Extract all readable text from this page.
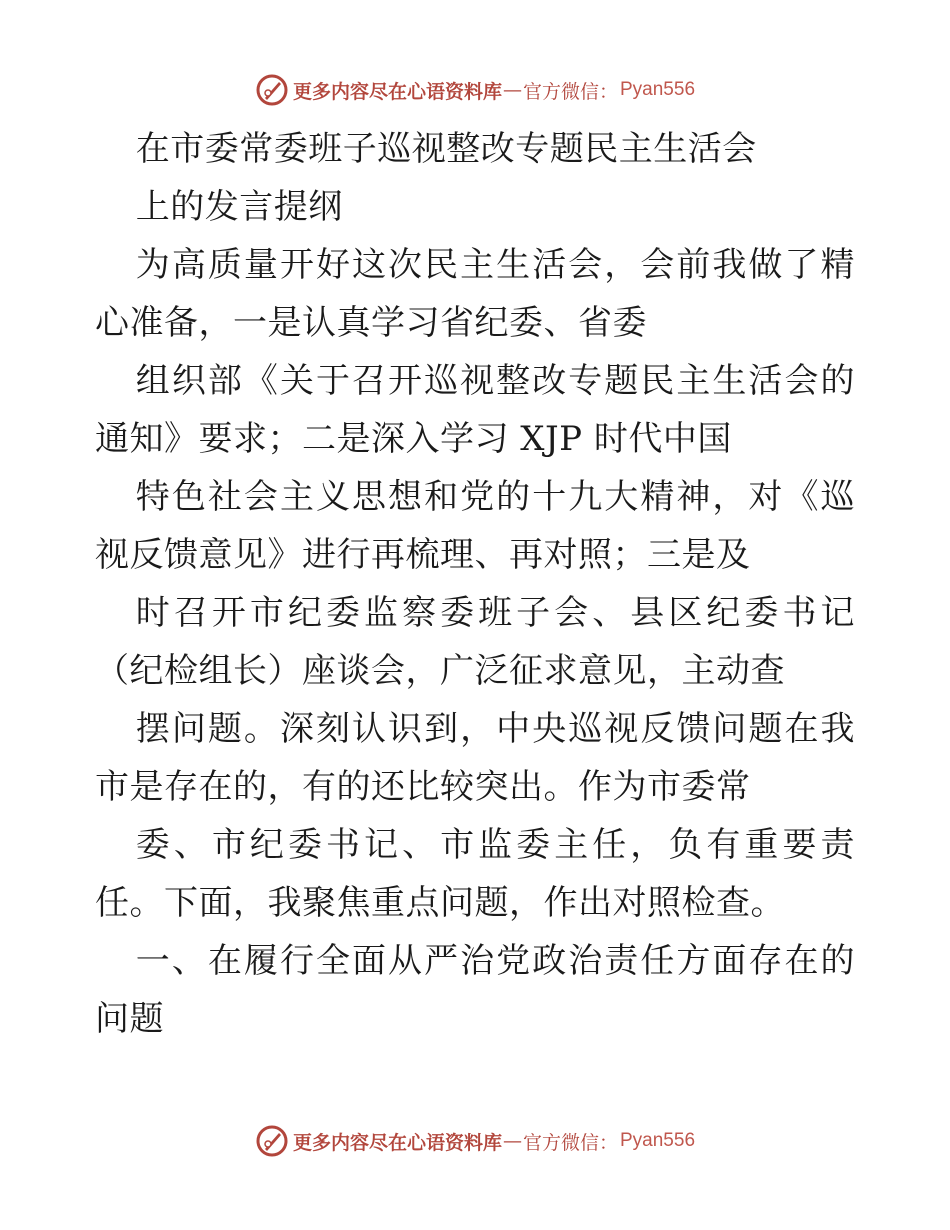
更多内容尽在心语资料库 — 官方微信： Pyan556

在市委常委班子巡视整改专题民主生活会

上的发言提纲

为高质量开好这次民主生活会，会前我做了精心准备，一是认真学习省纪委、省委

组织部《关于召开巡视整改专题民主生活会的通知》要求；二是深入学习 XJP 时代中国

特色社会主义思想和党的十九大精神，对《巡视反馈意见》进行再梳理、再对照；三是及

时召开市纪委监察委班子会、县区纪委书记（纪检组长）座谈会，广泛征求意见，主动查

摆问题。深刻认识到，中央巡视反馈问题在我市是存在的，有的还比较突出。作为市委常

委、市纪委书记、市监委主任，负有重要责任。下面，我聚焦重点问题，作出对照检查。

一、在履行全面从严治党政治责任方面存在的问题

更多内容尽在心语资料库 — 官方微信： Pyan556
